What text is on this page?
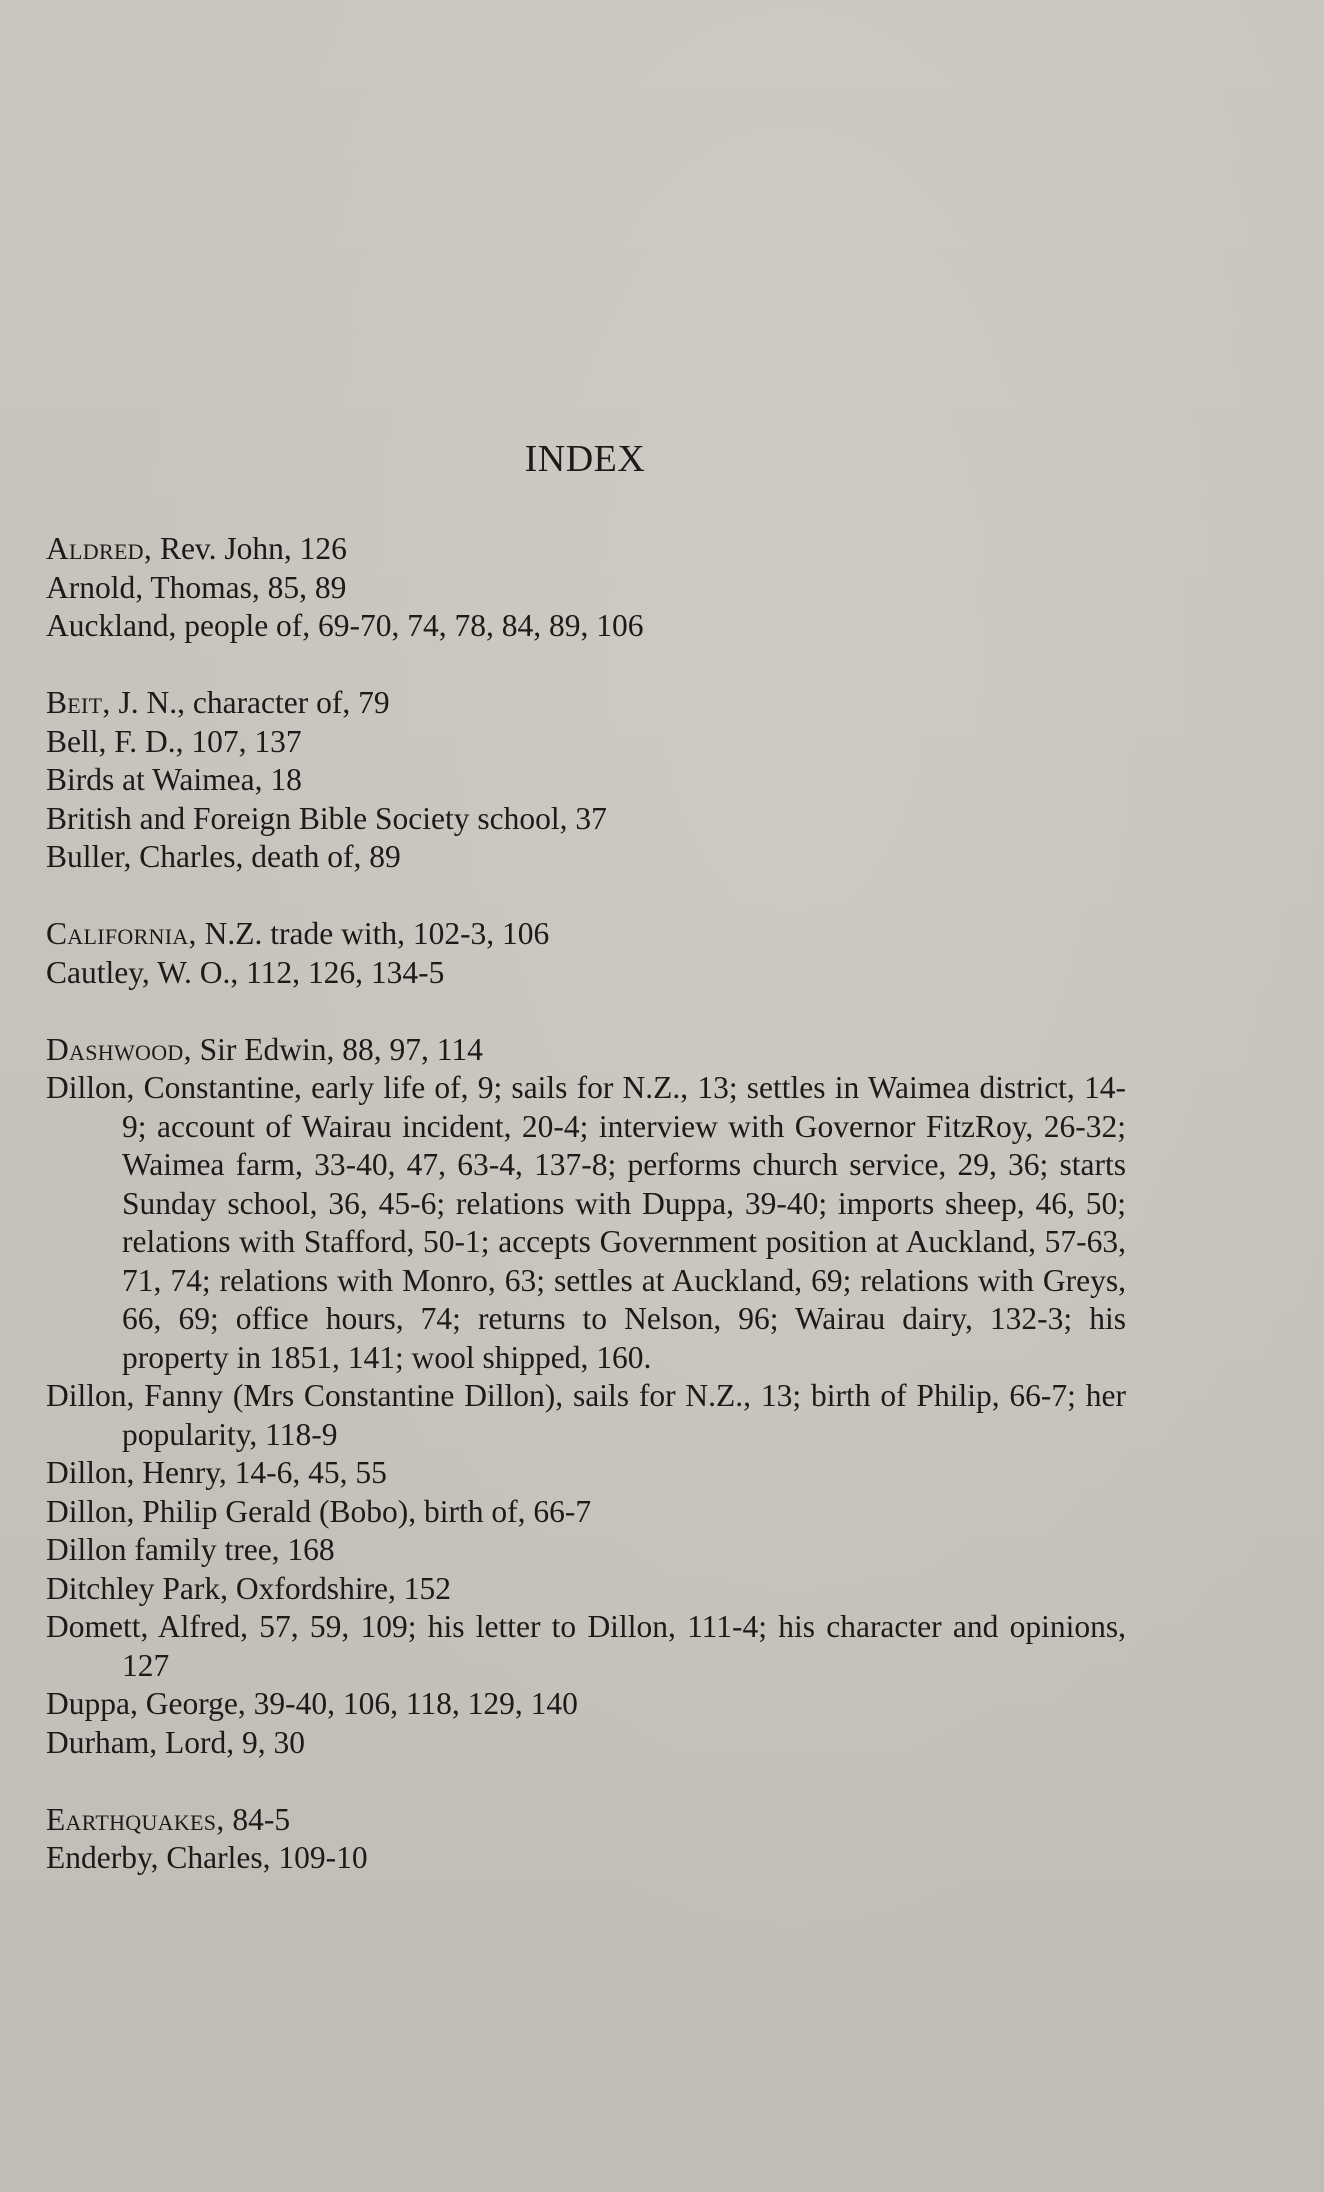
INDEX

Aldred, Rev. John, 126

Arnold, Thomas, 85, 89

Auckland, people of, 69-70, 74, 78, 84, 89, 106

Beit, J. N., character of, 79

Bell, F. D., 107, 137

Birds at Waimea, 18

British and Foreign Bible Society school, 37

Buller, Charles, death of, 89

California, N.Z. trade with, 102-3, 106

Cautley, W. O., 112, 126, 134-5

Dashwood, Sir Edwin, 88, 97, 114

Dillon, Constantine, early life of, 9; sails for N.Z., 13; settles in Waimea district, 14-9; account of Wairau incident, 20-4; interview with Governor FitzRoy, 26-32; Waimea farm, 33-40, 47, 63-4, 137-8; performs church service, 29, 36; starts Sunday school, 36, 45-6; relations with Duppa, 39-40; imports sheep, 46, 50; relations with Stafford, 50-1; accepts Government position at Auckland, 57-63, 71, 74; relations with Monro, 63; settles at Auckland, 69; relations with Greys, 66, 69; office hours, 74; returns to Nelson, 96; Wairau dairy, 132-3; his property in 1851, 141; wool shipped, 160.

Dillon, Fanny (Mrs Constantine Dillon), sails for N.Z., 13; birth of Philip, 66-7; her popularity, 118-9

Dillon, Henry, 14-6, 45, 55

Dillon, Philip Gerald (Bobo), birth of, 66-7

Dillon family tree, 168

Ditchley Park, Oxfordshire, 152

Domett, Alfred, 57, 59, 109; his letter to Dillon, 111-4; his character and opinions, 127

Duppa, George, 39-40, 106, 118, 129, 140

Durham, Lord, 9, 30

Earthquakes, 84-5

Enderby, Charles, 109-10
